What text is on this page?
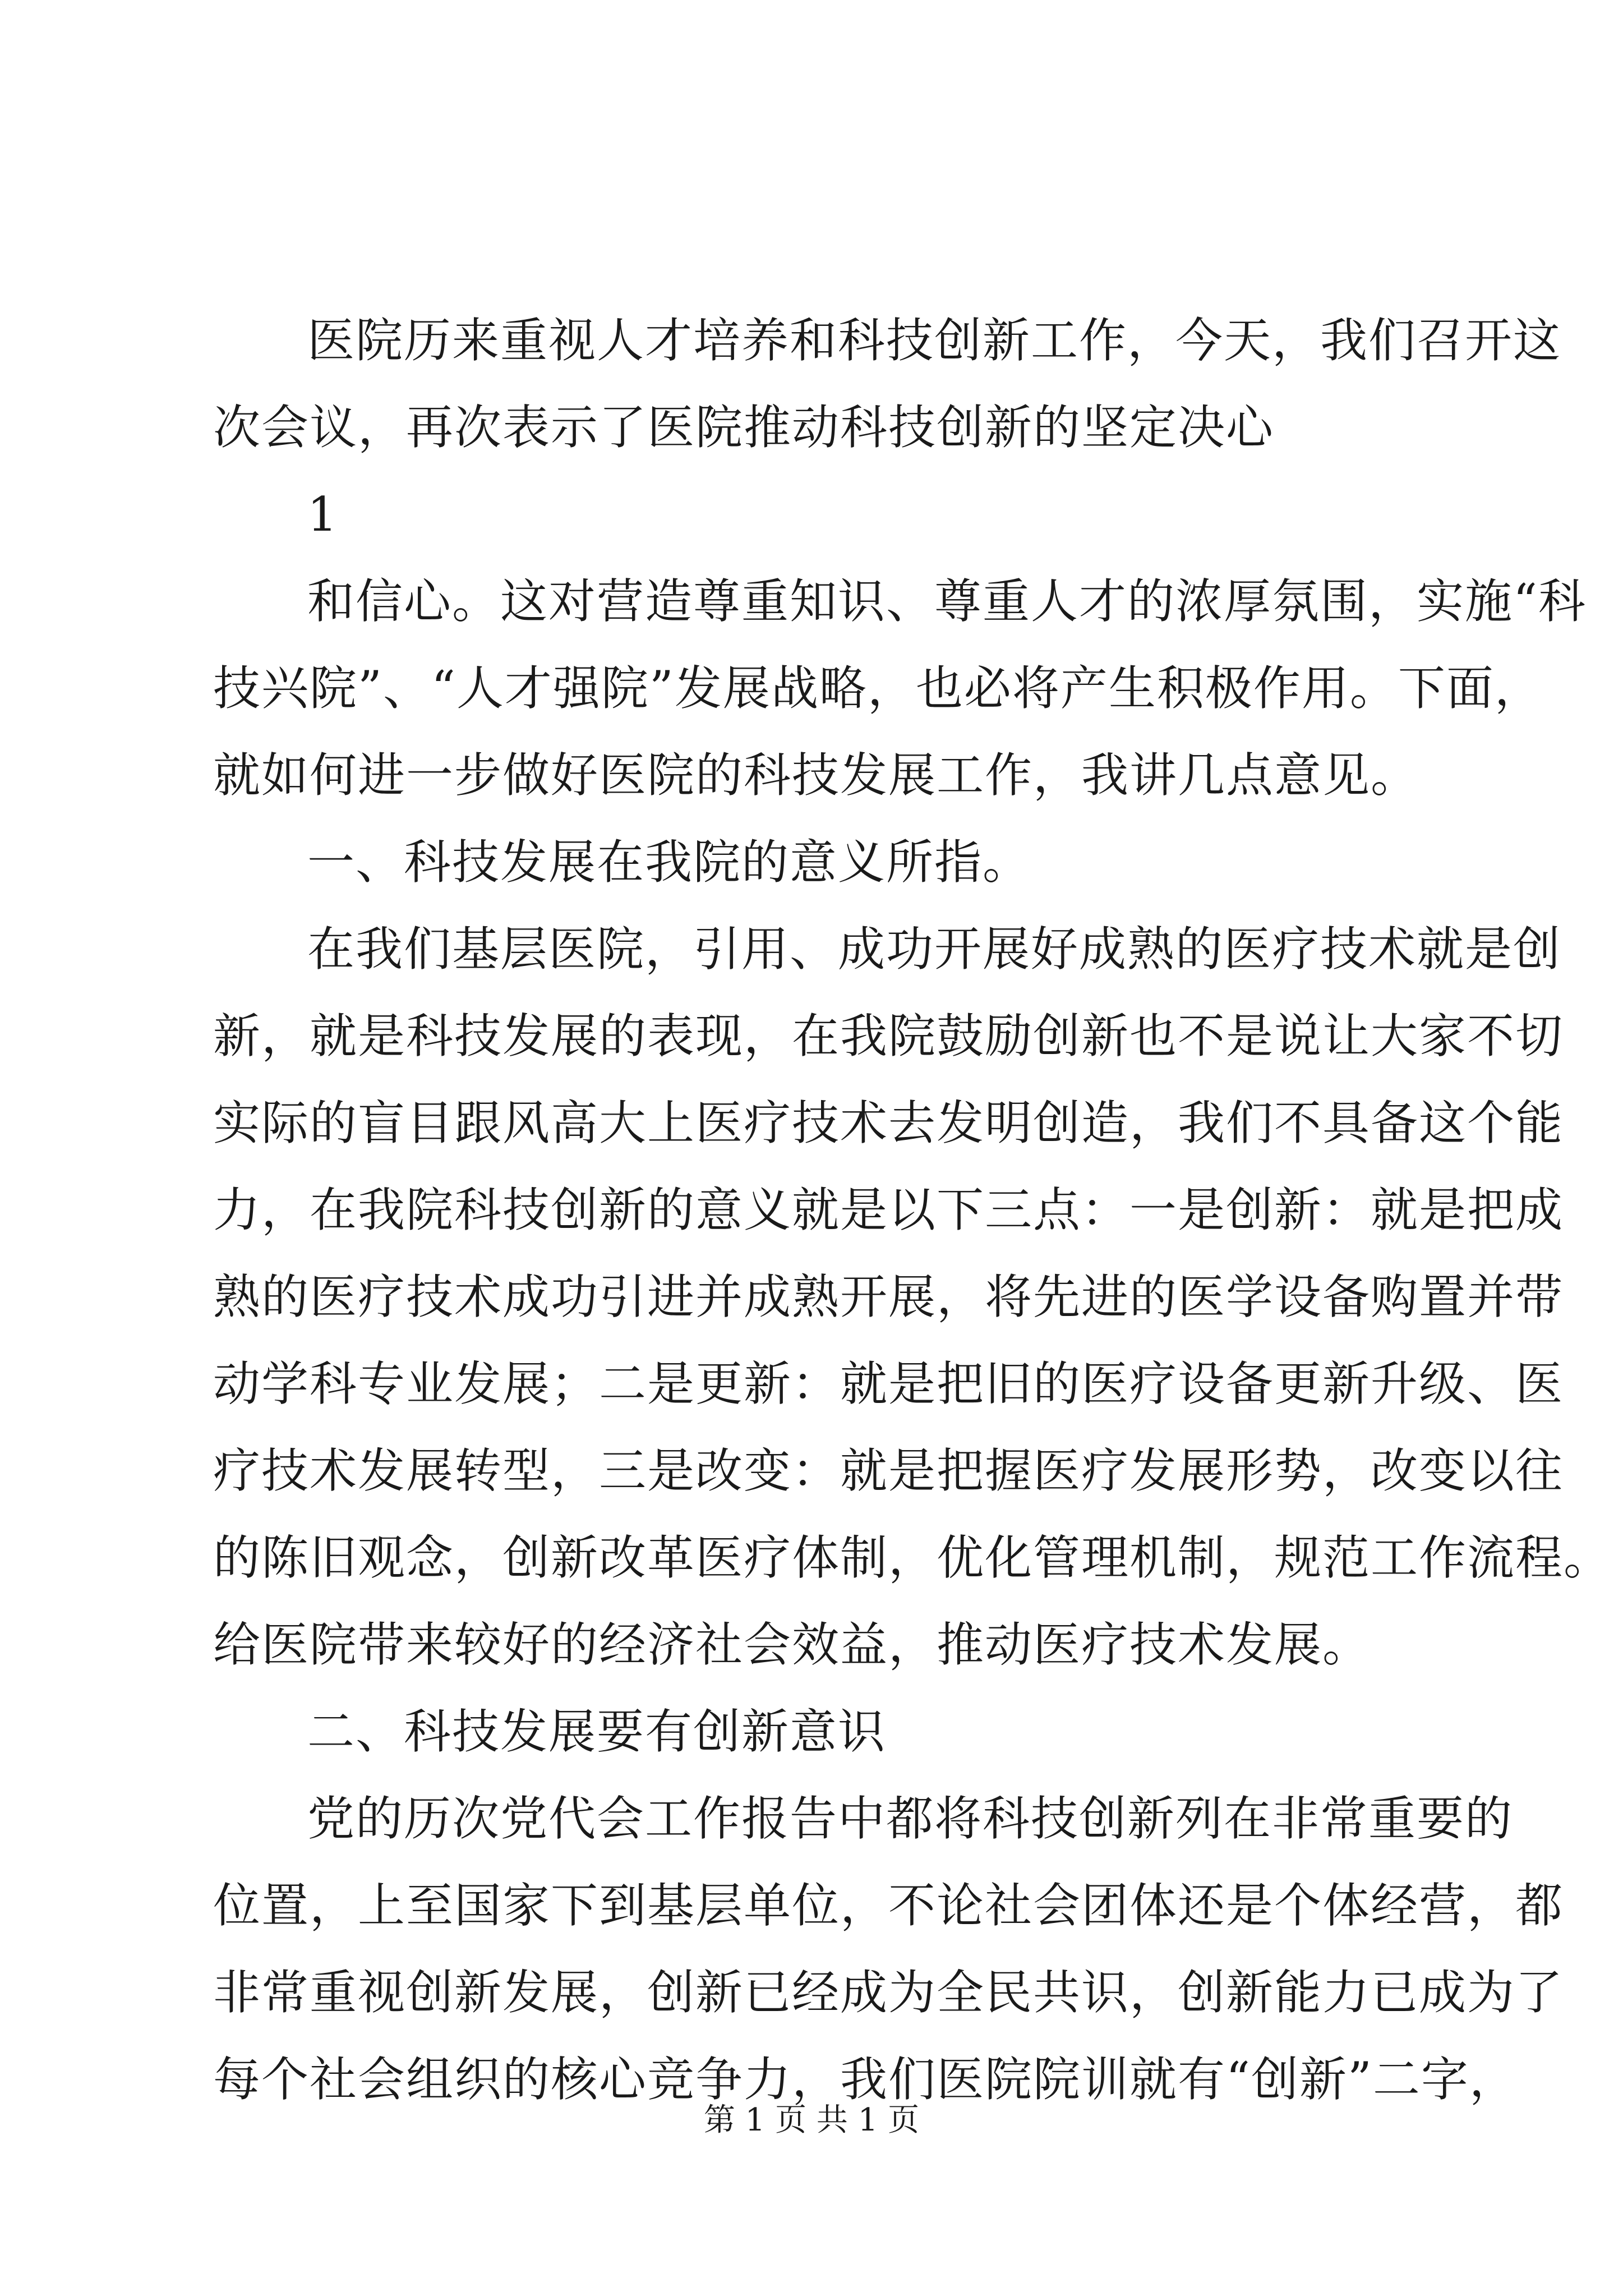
医院历来重视人才培养和科技创新工作，今天，我们召开这
次会议，再次表示了医院推动科技创新的坚定决心
1
和信心。这对营造尊重知识、尊重人才的浓厚氛围，实施“科
技兴院”、“人才强院”发展战略，也必将产生积极作用。下面，
就如何进一步做好医院的科技发展工作，我讲几点意见。
一、科技发展在我院的意义所指。
在我们基层医院，引用、成功开展好成熟的医疗技术就是创
新，就是科技发展的表现，在我院鼓励创新也不是说让大家不切
实际的盲目跟风高大上医疗技术去发明创造，我们不具备这个能
力，在我院科技创新的意义就是以下三点：一是创新：就是把成
熟的医疗技术成功引进并成熟开展，将先进的医学设备购置并带
动学科专业发展；二是更新：就是把旧的医疗设备更新升级、医
疗技术发展转型，三是改变：就是把握医疗发展形势，改变以往
的陈旧观念，创新改革医疗体制，优化管理机制，规范工作流程。
给医院带来较好的经济社会效益，推动医疗技术发展。
二、科技发展要有创新意识
党的历次党代会工作报告中都将科技创新列在非常重要的
位置，上至国家下到基层单位，不论社会团体还是个体经营，都
非常重视创新发展，创新已经成为全民共识，创新能力已成为了
每个社会组织的核心竞争力，我们医院院训就有“创新”二字，
第 1 页 共 1 页
